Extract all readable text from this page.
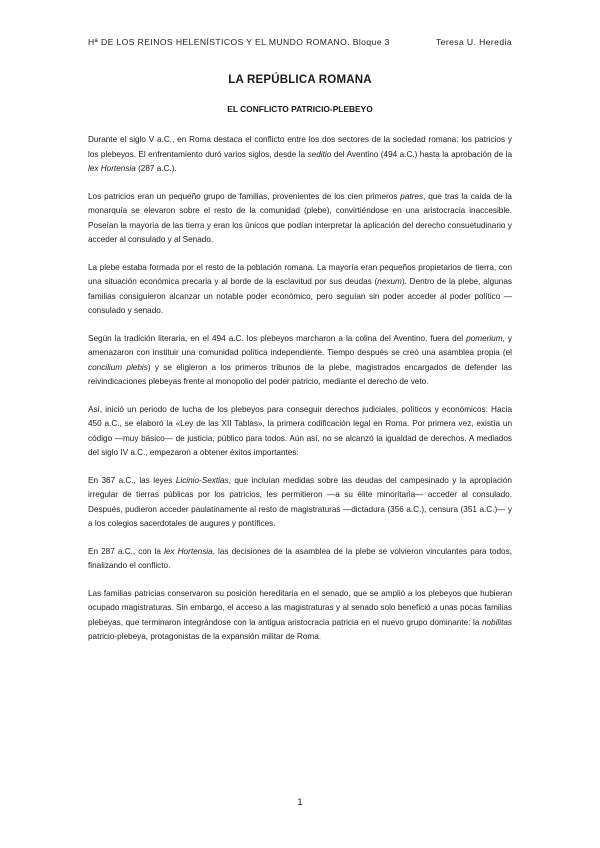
Hª DE LOS REINOS HELENÍSTICOS Y EL MUNDO ROMANO. Bloque 3	Teresa U. Heredia
LA REPÚBLICA ROMANA
EL CONFLICTO PATRICIO-PLEBEYO

Durante el siglo V a.C., en Roma destaca el conflicto entre los dos sectores de la sociedad romana: los patricios y los plebeyos. El enfrentamiento duró varios siglos, desde la seditio del Aventino (494 a.C.) hasta la aprobación de la lex Hortensia (287 a.C.).

Los patricios eran un pequeño grupo de familias, provenientes de los cien primeros patres, que tras la caída de la monarquía se elevaron sobre el resto de la comunidad (plebe), convirtiéndose en una aristocracia inaccesible. Poseían la mayoría de las tierra y eran los únicos que podían interpretar la aplicación del derecho consuetudinario y acceder al consulado y al Senado.

La plebe estaba formada por el resto de la población romana. La mayoría eran pequeños propietarios de tierra, con una situación económica precaria y al borde de la esclavitud por sus deudas (nexum). Dentro de la plebe, algunas familias consiguieron alcanzar un notable poder económico, pero seguían sin poder acceder al poder político —consulado y senado.

Según la tradición literaria, en el 494 a.C. los plebeyos marcharon a la colina del Aventino, fuera del pomerium, y amenazaron con instituir una comunidad política independiente. Tiempo después se creó una asamblea propia (el concilium plebis) y se eligieron a los primeros tribunos de la plebe, magistrados encargados de defender las reivindicaciones plebeyas frente al monopolio del poder patricio, mediante el derecho de veto.

Así, inició un periodo de lucha de los plebeyos para conseguir derechos judiciales, políticos y económicos: Hacia 450 a.C., se elaboró la «Ley de las XII Tablas», la primera codificación legal en Roma. Por primera vez, existía un código —muy básico— de justicia, público para todos. Aún así, no se alcanzó la igualdad de derechos. A mediados del siglo IV a.C., empezaron a obtener éxitos importantes:

En 367 a.C., las leyes Licinio-Sextias, que incluían medidas sobre las deudas del campesinado y la apropiación irregular de tierras públicas por los patricios, les permitieron —a su élite minoritaria— acceder al consulado. Después, pudieron acceder paulatinamente al resto de magistraturas —dictadura (356 a.C.), censura (351 a.C.)— y a los colegios sacerdotales de augures y pontífices.

En 287 a.C., con la lex Hortensia, las decisiones de la asamblea de la plebe se volvieron vinculantes para todos, finalizando el conflicto.

Las familias patricias conservaron su posición hereditaria en el senado, que se amplió a los plebeyos que hubieran ocupado magistraturas. Sin embargo, el acceso a las magistraturas y al senado solo benefició a unas pocas familias plebeyas, que terminaron integrándose con la antigua aristocracia patricia en el nuevo grupo dominante: la nobilitas patricio-plebeya, protagonistas de la expansión militar de Roma.

1
